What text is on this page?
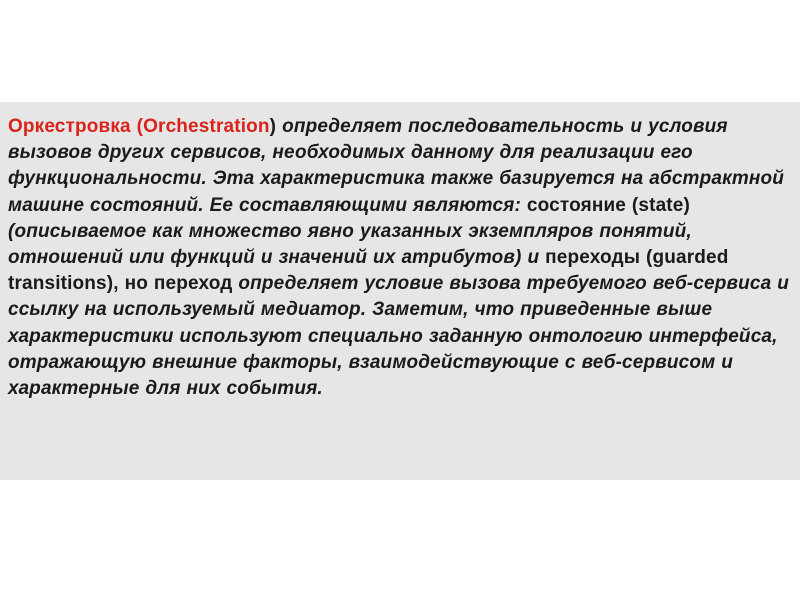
Оркестровка (Orchestration) определяет последовательность и условия вызовов других сервисов, необходимых данному для реализации его функциональности. Эта характеристика также базируется на абстрактной машине состояний. Ее составляющими являются: состояние (state) (описываемое как множество явно указанных экземпляров понятий, отношений или функций и значений их атрибутов) и переходы (guarded transitions), но переход определяет условие вызова требуемого веб-сервиса и ссылку на используемый медиатор. Заметим, что приведенные выше характеристики используют специально заданную онтологию интерфейса, отражающую внешние факторы, взаимодействующие с веб-сервисом и характерные для них события.
